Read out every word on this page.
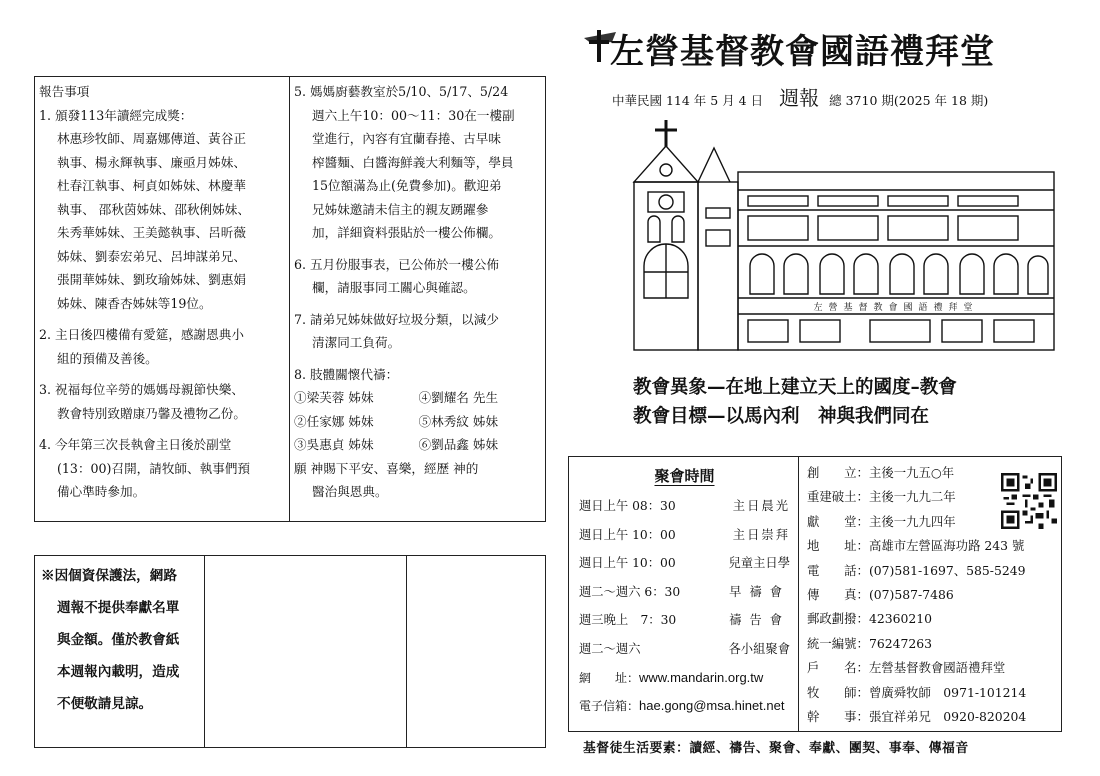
左營基督教會國語禮拜堂
中華民國 114 年 5 月 4 日 週報 總 3710 期(2025 年 18 期)
左營基督教會國語禮拜堂
教會異象—在地上建立天上的國度–教會
教會目標—以馬內利　神與我們同在

報告事項

1. 頒發113年讀經完成獎：

林惠珍牧師、周嘉娜傳道、黃谷正

執事、楊永輝執事、廉亟月姊妹、

杜春江執事、柯貞如姊妹、林慶華

執事、 邵秋茵姊妹、邵秋俐姊妹、

朱秀華姊妹、王美懿執事、呂昕薇

姊妹、劉泰宏弟兄、呂坤謀弟兄、

張開華姊妹、劉玫瑜姊妹、劉惠娟

姊妹、陳香杏姊妹等19位。

2. 主日後四樓備有愛筵，感謝恩典小

組的預備及善後。

3. 祝福每位辛勞的媽媽母親節快樂、

教會特別致贈康乃馨及禮物乙份。

4. 今年第三次長執會主日後於副堂

(13：00)召開，請牧師、執事們預

備心準時參加。

5. 媽媽廚藝教室於5/10、5/17、5/24

週六上午10：00～11：30在一樓副

堂進行，內容有宜蘭春捲、古早味

榨醬麵、白醬海鮮義大利麵等，學員

15位額滿為止(免費參加)。歡迎弟

兄姊妹邀請未信主的親友踴躍參

加，詳細資料張貼於一樓公佈欄。

6. 五月份服事表，已公佈於一樓公佈

欄，請服事同工關心與確認。

7. 請弟兄姊妹做好垃圾分類，以減少

清潔同工負荷。

8. 肢體關懷代禱：

①梁芙蓉 姊妹	④劉耀名 先生
②任家娜 姊妹	⑤林秀紋 姊妹
③吳惠貞 姊妹	⑥劉品鑫 姊妹

願 神賜下平安、喜樂，經歷 神的

醫治與恩典。

※因個資保護法，網路

週報不提供奉獻名單

與金額。僅於教會紙

本週報內載明，造成

不便敬請見諒。

聚會時間
週日上午 08：30	主日晨光
週日上午 10：00	主日崇拜
週日上午 10：00	兒童主日學
週二～週六 6：30	早禱會
週三晚上　7：30	禱告會
週二～週六	各小組聚會
網　　址：www.mandarin.org.tw
電子信箱：hae.gong@msa.hinet.net
創　　立：主後一九五○年
重建破土：主後一九九二年
獻　　堂：主後一九九四年
地　　址：高雄市左營區海功路 243 號
電　　話：(07)581-1697、585-5249
傳　　真：(07)587-7486
郵政劃撥：42360210
統一編號：76247263
戶　　名：左營基督教會國語禮拜堂
牧　　師：曾廣舜牧師　0971-101214
幹　　事：張宜祥弟兄　0920-820204
基督徒生活要素：讀經、禱告、聚會、奉獻、團契、事奉、傳福音
